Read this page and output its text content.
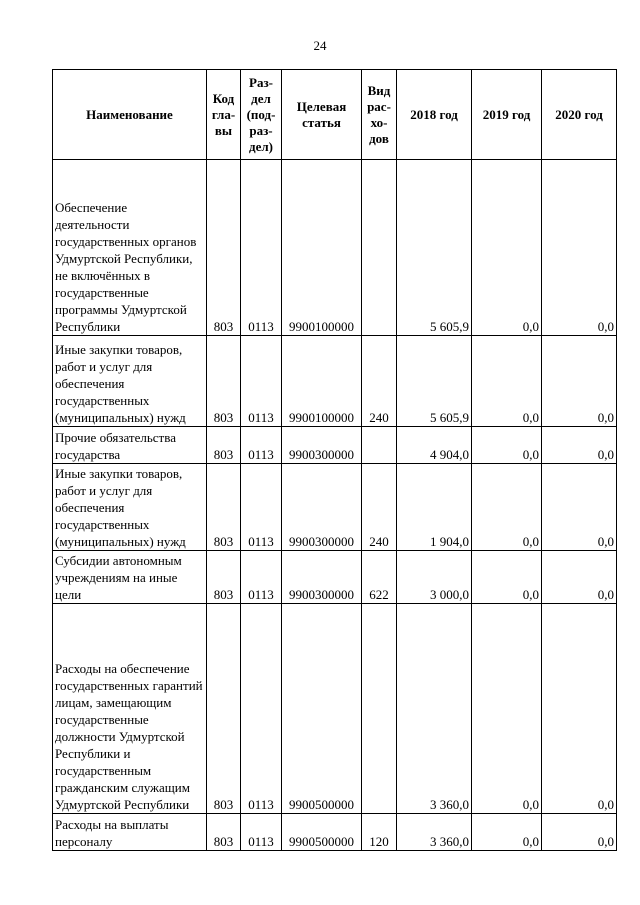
24
Наименование	Код гла-вы	Раз-дел (под-раз-дел)	Целевая статья	Вид рас-хо-дов	2018 год	2019 год	2020 год
Обеспечение деятельности государственных органов Удмуртской Республики, не включённых в государственные программы Удмуртской Республики	803	0113	9900100000		5 605,9	0,0	0,0
Иные закупки товаров, работ и услуг для обеспечения государственных (муниципальных) нужд	803	0113	9900100000	240	5 605,9	0,0	0,0
Прочие обязательства государства	803	0113	9900300000		4 904,0	0,0	0,0
Иные закупки товаров, работ и услуг для обеспечения государственных (муниципальных) нужд	803	0113	9900300000	240	1 904,0	0,0	0,0
Субсидии автономным учреждениям на иные цели	803	0113	9900300000	622	3 000,0	0,0	0,0
Расходы на обеспечение государственных гарантий лицам, замещающим государственные должности Удмуртской Республики и государственным гражданским служащим Удмуртской Республики	803	0113	9900500000		3 360,0	0,0	0,0
Расходы на выплаты персоналу	803	0113	9900500000	120	3 360,0	0,0	0,0
